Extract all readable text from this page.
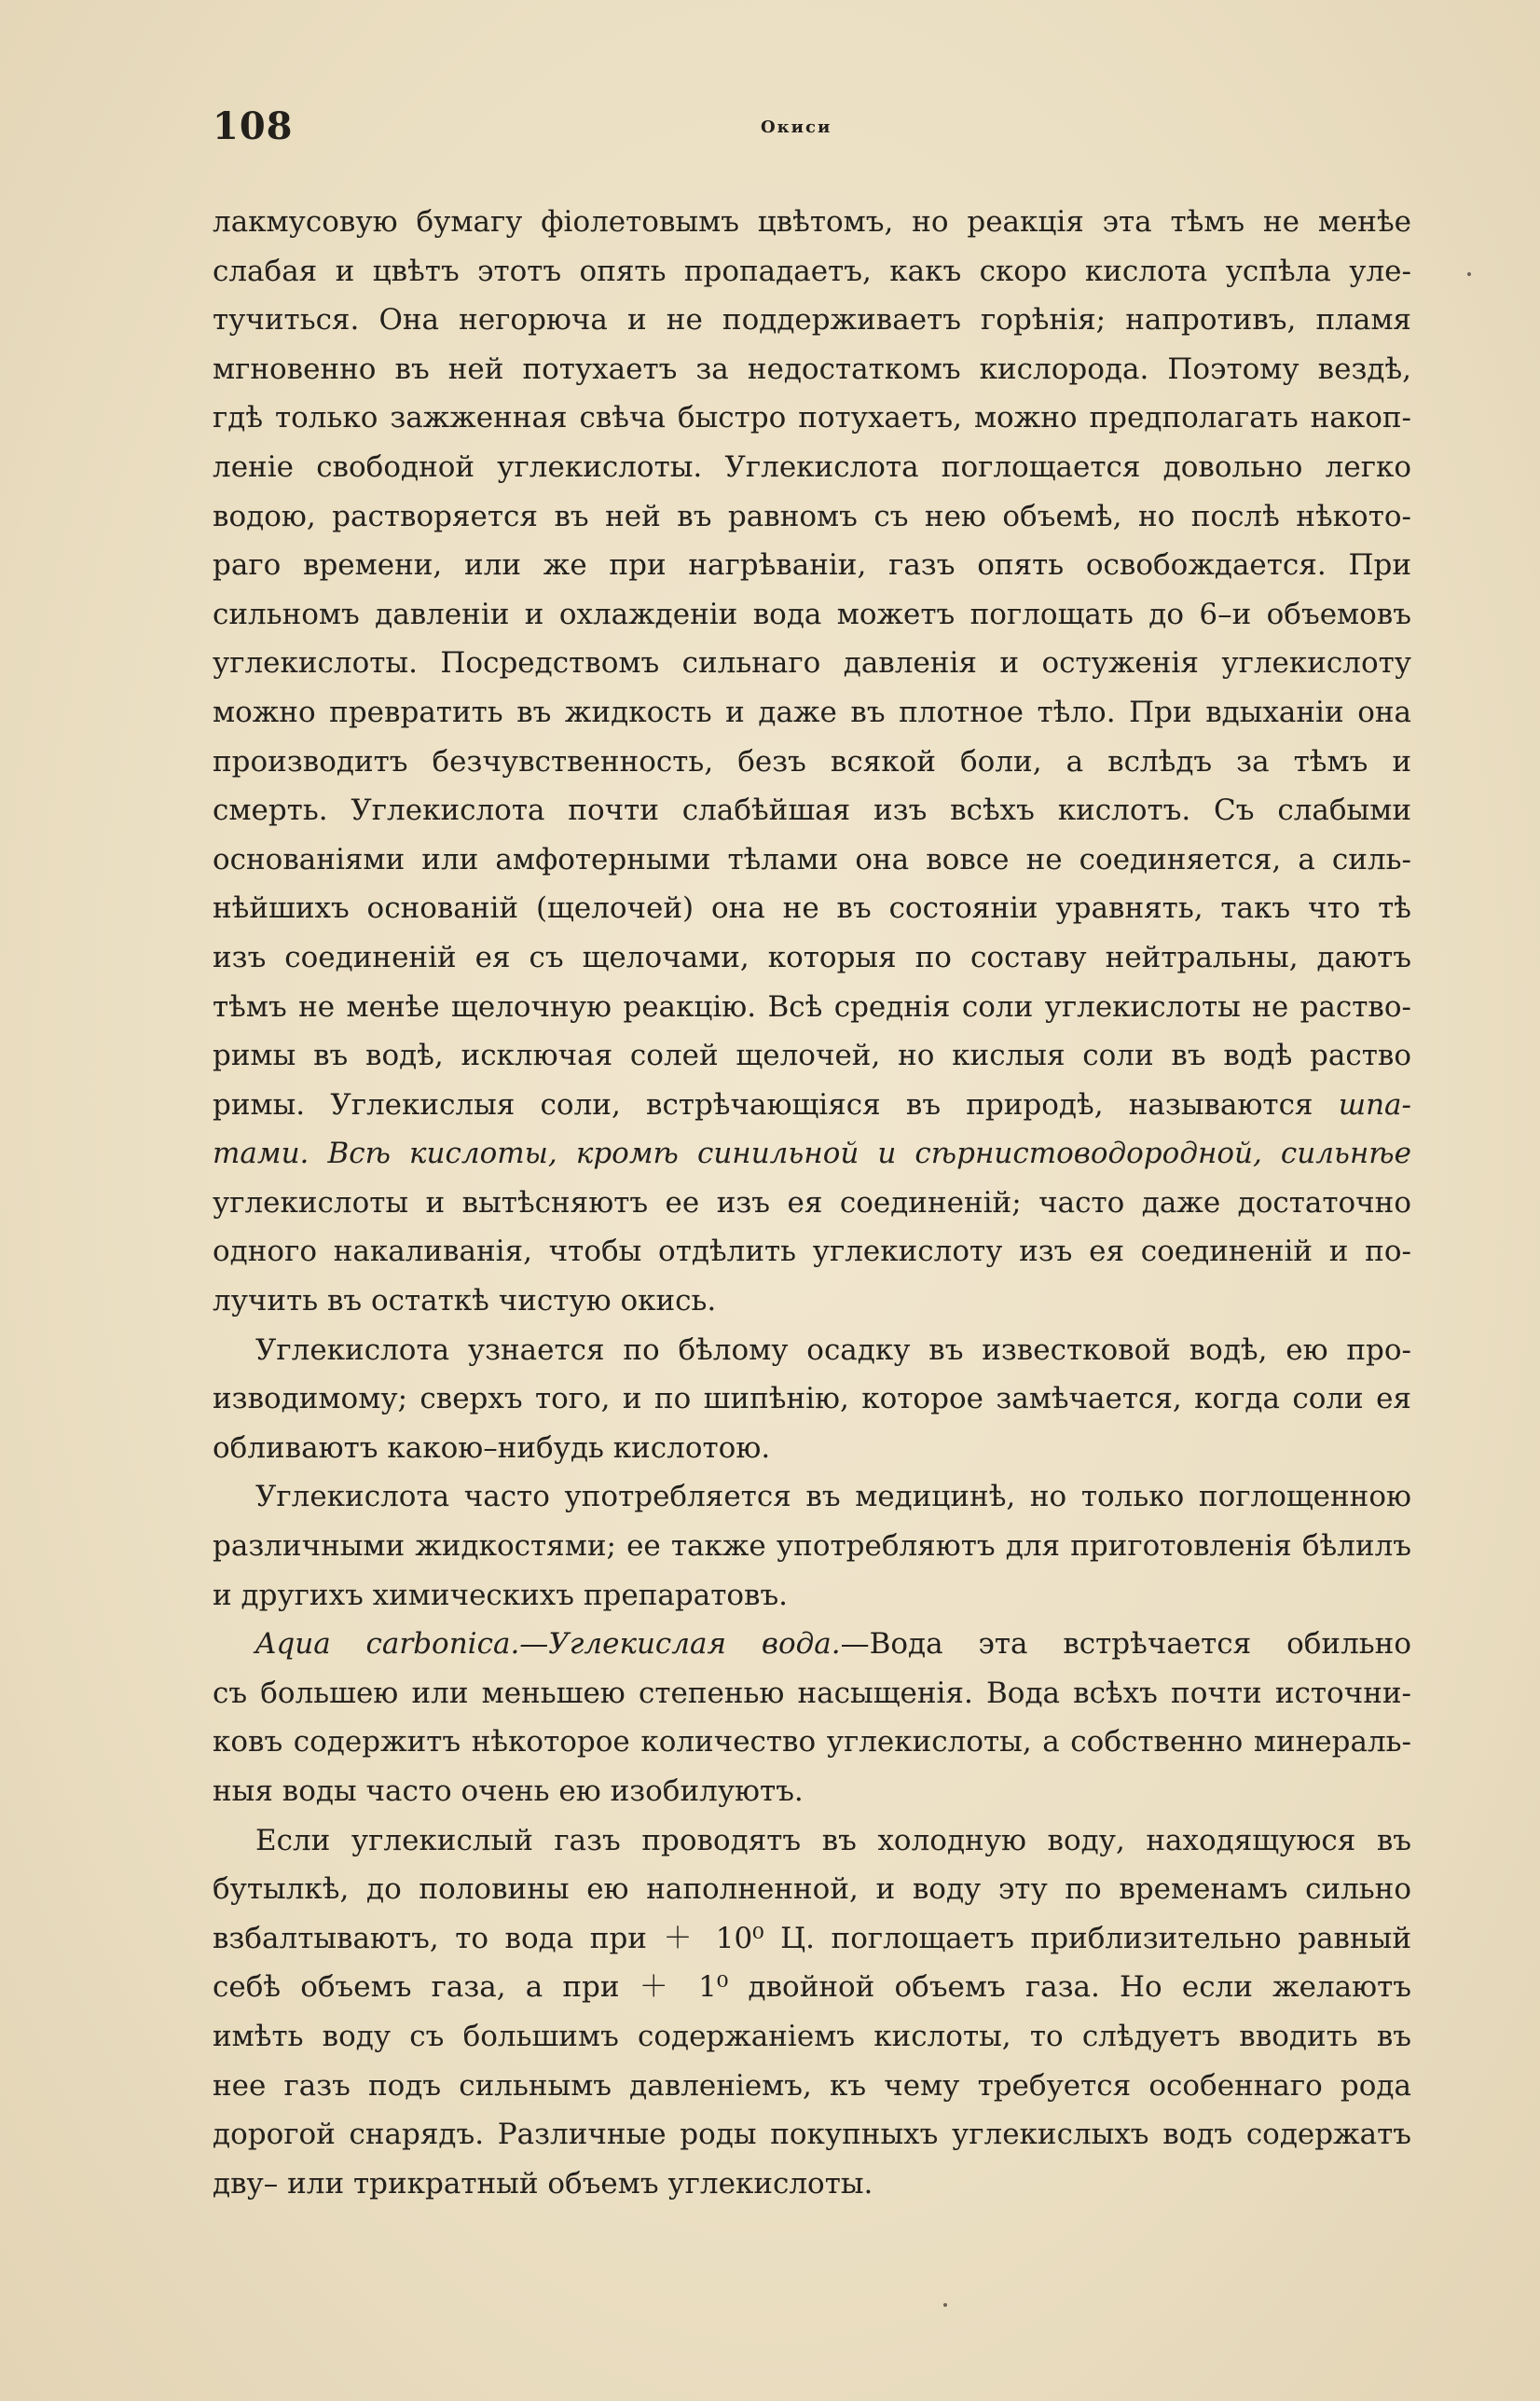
108	Окиси
лакмусовую бумагу фіолетовымъ цвѣтомъ, но реакція эта тѣмъ не менѣе
слабая и цвѣтъ этотъ опять пропадаетъ, какъ скоро кислота успѣла уле-
тучиться. Она негорюча и не поддерживаетъ горѣнія; напротивъ, пламя
мгновенно въ ней потухаетъ за недостаткомъ кислорода. Поэтому вездѣ,
гдѣ только зажженная свѣча быстро потухаетъ, можно предполагать накоп-
леніе свободной углекислоты. Углекислота поглощается довольно легко
водою, растворяется въ ней въ равномъ съ нею объемѣ, но послѣ нѣкото-
раго времени, или же при нагрѣваніи, газъ опять освобождается. При
сильномъ давленіи и охлажденіи вода можетъ поглощать до 6–и объемовъ
углекислоты. Посредствомъ сильнаго давленія и остуженія углекислоту
можно превратить въ жидкость и даже въ плотное тѣло. При вдыханіи она
производитъ безчувственность, безъ всякой боли, а вслѣдъ за тѣмъ и
смерть. Углекислота почти слабѣйшая изъ всѣхъ кислотъ. Съ слабыми
основаніями или амфотерными тѣлами она вовсе не соединяется, а силь-
нѣйшихъ основаній (щелочей) она не въ состояніи уравнять, такъ что тѣ
изъ соединеній ея съ щелочами, которыя по составу нейтральны, даютъ
тѣмъ не менѣе щелочную реакцію. Всѣ среднія соли углекислоты не раство-
римы въ водѣ, исключая солей щелочей, но кислыя соли въ водѣ раство
римы. Углекислыя соли, встрѣчающіяся въ природѣ, называются шпа-
тами. Всѣ кислоты, кромѣ синильной и сѣрнистоводородной, сильнѣе
углекислоты и вытѣсняютъ ее изъ ея соединеній; часто даже достаточно
одного накаливанія, чтобы отдѣлить углекислоту изъ ея соединеній и по-
лучить въ остаткѣ чистую окись.
Углекислота узнается по бѣлому осадку въ известковой водѣ, ею про-
изводимому; сверхъ того, и по шипѣнію, которое замѣчается, когда соли ея
обливаютъ какою–нибудь кислотою.
Углекислота часто употребляется въ медицинѣ, но только поглощенною
различными жидкостями; ее также употребляютъ для приготовленія бѣлилъ
и другихъ химическихъ препаратовъ.
Aqua carbonica.—Углекислая вода.—Вода эта встрѣчается обильно
съ большею или меньшею степенью насыщенія. Вода всѣхъ почти источни-
ковъ содержитъ нѣкоторое количество углекислоты, а собственно минераль-
ныя воды часто очень ею изобилуютъ.
Если углекислый газъ проводятъ въ холодную воду, находящуюся въ
бутылкѣ, до половины ею наполненной, и воду эту по временамъ сильно
взбалтываютъ, то вода при ＋ 10⁰ Ц. поглощаетъ приблизительно равный
себѣ объемъ газа, а при ＋ 1⁰ двойной объемъ газа. Но если желаютъ
имѣть воду съ большимъ содержаніемъ кислоты, то слѣдуетъ вводить въ
нее газъ подъ сильнымъ давленіемъ, къ чему требуется особеннаго рода
дорогой снарядъ. Различные роды покупныхъ углекислыхъ водъ содержатъ
дву– или трикратный объемъ углекислоты.
